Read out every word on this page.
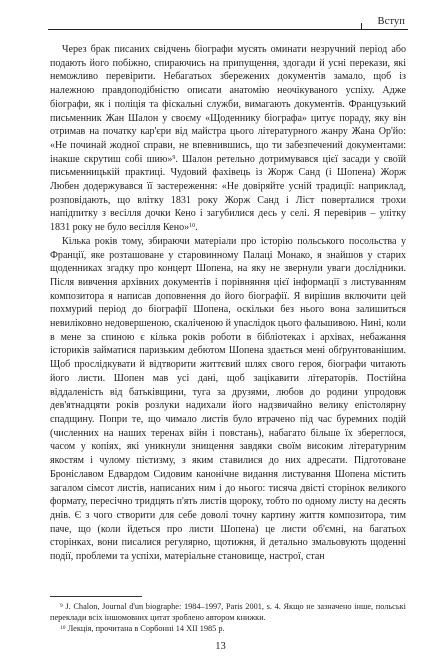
Вступ

Через брак писаних свідчень біографи мусять оминати незручний період або подають його побіжно, спираючись на припущення, здогади й усні перекази, які неможливо перевірити. Небагатьох збережених документів замало, щоб із належною правдоподібністю описати анатомію неочікуваного успіху. Адже біографи, як і поліція та фіскальні служби, вимагають документів. Французький письменник Жан Шалон у своєму «Щоденнику біографа» цитує пораду, яку він отримав на початку кар'єри від майстра цього літературного жанру Жана Ор'йо: «Не починай жодної справи, не впевнившись, що ти забезпечений документами: інакше скрутиш собі шию»$^9$. Шалон ретельно дотримувався цієї засади у своїй письменницькій практиці. Чудовий фахівець із Жорж Санд (і Шопена) Жорж Любен додержувався її застереження: «Не довіряйте усній традиції: наприклад, розповідають, що влітку 1831 року Жорж Санд і Ліст поверталися трохи напідпитку з весілля дочки Кено і загубилися десь у селі. Я перевірив – улітку 1831 року не було весілля Кено»$^{10}$.

Кілька років тому, збираючи матеріали про історію польського посольства у Франції, яке розташоване у старовинному Палаці Монако, я знайшов у старих щоденниках згадку про концерт Шопена, на яку не звернули уваги дослідники. Після вивчення архівних документів і порівняння цієї інформації з листуванням композитора я написав доповнення до його біографії. Я вирішив включити цей похмурий період до біографії Шопена, оскільки без нього вона залишиться невиліковно недовершеною, скаліченою й уnaслідок цього фальшивою. Нині, коли в мене за спиною є кілька років роботи в бібліотеках і архівах, небажання істориків займатися паризьким дебютом Шопена здається мені обґрунтованішим. Щоб прослідкувати й відтворити життєвий шлях свого героя, біографи читають його листи. Шопен мав усі дані, щоб зацікавити літераторів. Постійна віддаленість від батьківщини, туга за друзями, любов до родини упродовж дев'ятнадцяти років розлуки надихали його надзвичайно велику епістолярну спадщину. Попри те, що чимало листів було втрачено під час буремних подій (численних на наших теренах війн і повстань), набагато більше їх збереглося, часом у копіях, які уникнули знищення завдяки своїм високим літературним якостям і чуломy пієтизму, з яким ставилися до них адресати. Підготоване Броніславом Едвардом Сидовим канонічне видання листування Шопена містить загалом сімсот листів, написаних ним і до нього: тисяча двісті сторінок великого формату, пересічно тридцять п'ять листів щороку, тобто по одному листу на десять днів. Є з чого створити для себе доволі точну картину життя композитора, тим паче, що (коли йдеться про листи Шопена) це листи об'ємні, на багатьох сторінках, вони писалися регулярно, щотижня, й детально змальовують щоденні події, проблеми та успіхи, матеріальне становище, настрої, стан

$^9$ J. Chalon, Journal d'un biographe: 1984–1997, Paris 2001, s. 4. Якщо не зазначено інше, польські переклади всіх іншомовних цитат зроблено автором книжки.

$^{10}$ Лекція, прочитана в Сорбонні 14 XII 1985 р.

13
